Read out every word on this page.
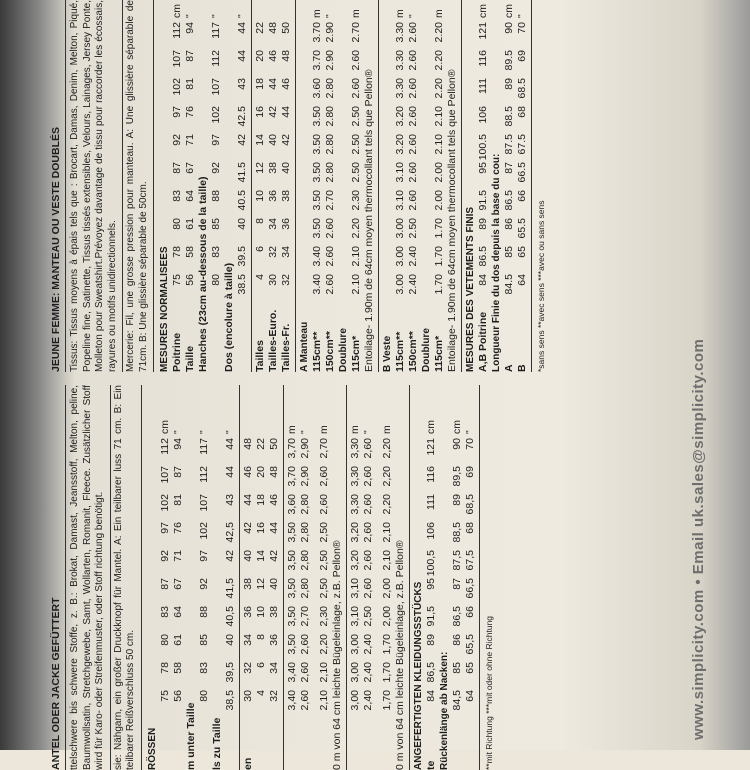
ANTEL ODER JACKE GEFÜTTERT ttelschwere bis schwere Stoffe, z. B.: Brokat, Damast, Jeansstoff, Melton, peline, Baumwollsatin, Stretchgewebe, Samt, Wollarten, Romanit, Fleece. Zusätzlicher Stoff wird für Karo- oder Streifenmuster, oder Stoff richtung benötigt. sie: Nähgarn, ein großer Druckknopf für Mantel. A: Ein teilbarer luss 71 cm. B: Ein teilbarer Reißverschluss 50 cm.	RÖSSEN
75
78
80
83
87
92
97
102
107
112
cm
56
58
61
64
67
71
76
81
87
94
"
m unter Taille
80
83
85
88
92
97
102
107
112
117
"
ls zu Taille
38,5
39,5
40
40,5
41,5
42
42,5
43
44
44
"
en
30
32
34
36
38
40
42
44
46
48
4
6
8
10
12
14
16
18
20
22
32
34
36
38
40
42
44
46
48
50
3,40
3,40
3,50
3,50
3,50
3,50
3,50
3,60
3,70
3,70
m
2,60
2,60
2,60
2,70
2,80
2,80
2,80
2,80
2,90
2,90
"
2,10
2,10
2,20
2,30
2,50
2,50
2,50
2,60
2,60
2,70
m
0 m von 64 cm leichte Bügeleinlage, z.B. Pellon® 3,00
3,00
3,00
3,10
3,10
3,20
3,20
3,30
3,30
3,30
m
2,40
2,40
2,40
2,50
2,60
2,60
2,60
2,60
2,60
2,60
"
1,70
1,70
1,70
2,00
2,00
2,10
2,10
2,20
2,20
2,20
m
0 m von 64 cm leichte Bügeleinlage, z.B. Pellon® ANGEFERTIGTEN KLEIDUNGSSTÜCKS te
84
86,5
89
91,5
95
100,5
106
111
116
121
cm
Rückenlänge ab Nacken: 84,5
85
86
86,5
87
87,5
88,5
89
89,5
90
cm
64
65
65,5
66
66,5
67,5
68
68,5
69
70
"
**mit Richtung ***mit oder ohne Richtung
JEUNE FEMME: MANTEAU OU VESTE DOUBLÉS Tissus: Tissus moyens à épais tels que : Brocart, Damas, Denim, Melton, Piqué, Popeline fine, Satinette, Tissus tissés extensibles, Velours, Lainages, Jersey Ponte, Molleton pour Sweatshirt.Prévoyez davantage de tissu pour raccorder les écossais, rayures ou motifs unidirectionnels. Mercerie: Fil, une grosse pression pour manteau. A: Une glissière séparable de 71cm. B: Une glissière séparable de 50cm.	MESURES NORMALISEES Poitrine
75
78
80
83
87
92
97
102
107
112
cm
Taille
56
58
61
64
67
71
76
81
87
94
"
Hanches (23cm au-dessous de la taille) 80
83
85
88
92
97
102
107
112
117
"
Dos (encolure à taille) 38.5
39.5
40
40.5
41.5
42
42.5
43
44
44
"
Tailles
4
6
8
10
12
14
16
18
20
22
Tailles-Euro.
30
32
34
36
38
40
42
44
46
48
Tailles-Fr.
32
34
36
38
40
42
44
46
48
50
A Manteau 115cm**
3.40
3.40
3.50
3.50
3.50
3.50
3.50
3.60
3.70
3.70
m
150cm**
2.60
2.60
2.60
2.70
2.80
2.80
2.80
2.80
2.90
2.90
"
Doublure 115cm*
2.10
2.10
2.20
2.30
2.50
2.50
2.50
2.60
2.60
2.70
m
Entoilage- 1.90m de 64cm moyen thermocollant tels que Pellon® B Veste 115cm**
3.00
3.00
3.00
3.10
3.10
3.20
3.20
3.30
3.30
3.30
m
150cm**
2.40
2.40
2.50
2.60
2.60
2.60
2.60
2.60
2.60
2.60
"
Doublure 115cm*
1.70
1.70
1.70
2.00
2.00
2.10
2.10
2.20
2.20
2.20
m
Entoilage- 1.90m de 64cm moyen thermocollant tels que Pellon® MESURES DES VETEMENTS FINIS A,B Poitrine
84
86.5
89
91.5
95
100.5
106
111
116
121
cm
Longueur Finie du dos depuis la base du cou: A
84.5
85
86
86.5
87
87.5
88.5
89
89.5
90
cm
B
64
65
65.5
66
66.5
67.5
68
68.5
69
70
"
*sans sens **avec sens ***avec ou sans sens
www.simplicity.com • Email uk.sales@simplicity.com
